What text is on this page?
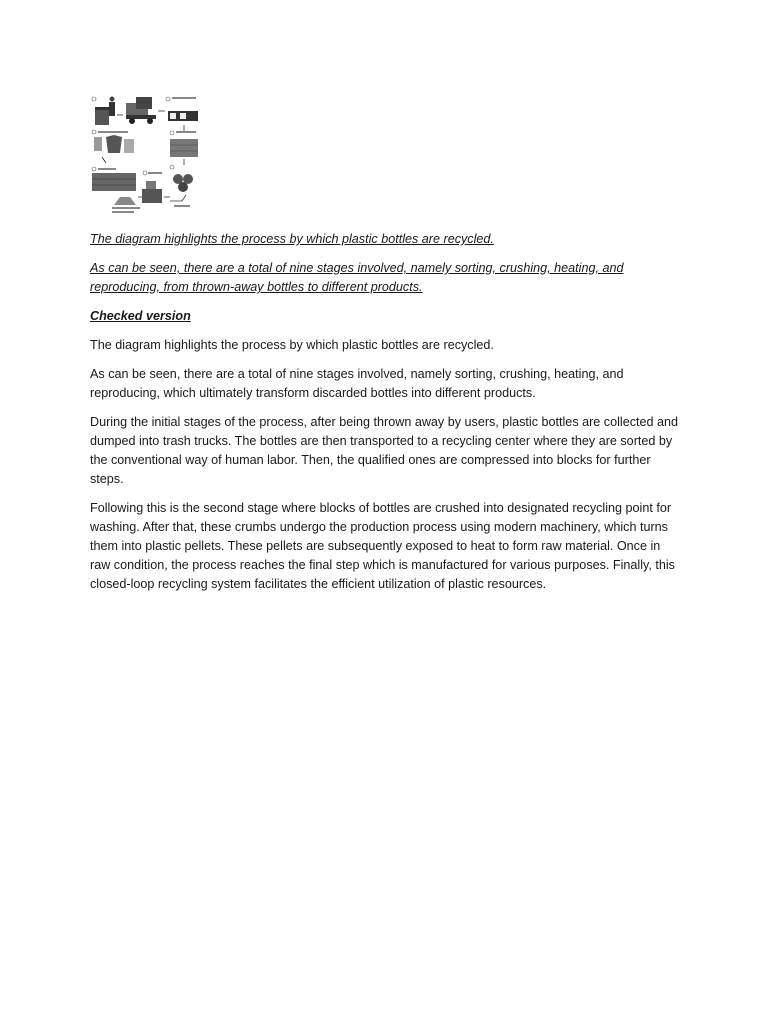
The diagram highlights the process by which plastic bottles are recycled.

As can be seen, there are a total of nine stages involved, namely sorting, crushing, heating, and reproducing, from thrown-away bottles to different products.

Checked version

The diagram highlights the process by which plastic bottles are recycled.

As can be seen, there are a total of nine stages involved, namely sorting, crushing, heating, and reproducing, which ultimately transform discarded bottles into different products.

During the initial stages of the process, after being thrown away by users, plastic bottles are collected and dumped into trash trucks. The bottles are then transported to a recycling center where they are sorted by the conventional way of human labor. Then, the qualified ones are compressed into blocks for further steps.

Following this is the second stage where blocks of bottles are crushed into designated recycling point for washing. After that, these crumbs undergo the production process using modern machinery, which turns them into plastic pellets. These pellets are subsequently exposed to heat to form raw material. Once in raw condition, the process reaches the final step which is manufactured for various purposes. Finally, this closed-loop recycling system facilitates the efficient utilization of plastic resources.
